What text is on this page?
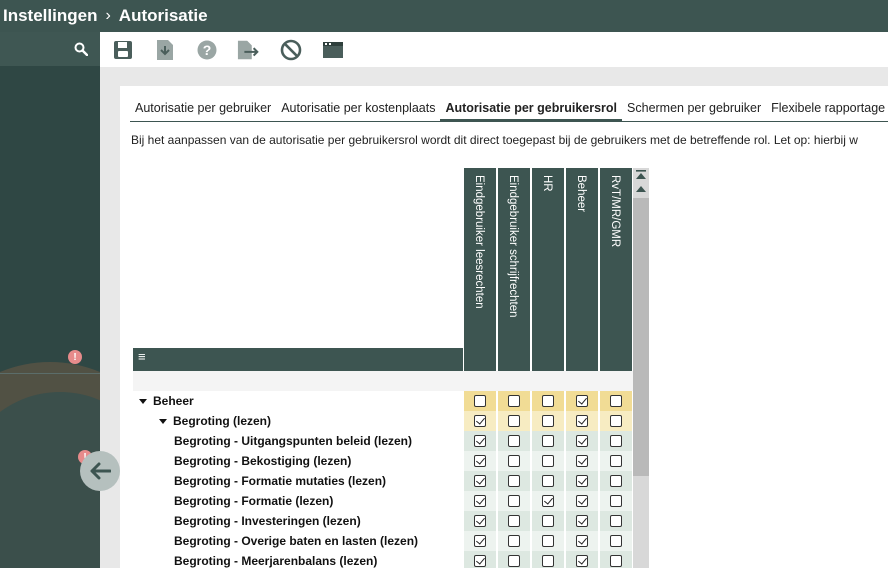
Instellingen › Autorisatie
!
?
Autorisatie per gebruiker Autorisatie per kostenplaats Autorisatie per gebruikersrol Schermen per gebruiker Flexibele rapportage
Bij het aanpassen van de autorisatie per gebruikersrol wordt dit direct toegepast bij de gebruikers met de betreffende rol. Let op: hierbij w
≡
Eindgebruiker leesrechten Eindgebruiker schrijfrechten HR Beheer RvT/MR/GMR
Beheer
Begroting (lezen)
Begroting - Uitgangspunten beleid (lezen)
Begroting - Bekostiging (lezen)
Begroting - Formatie mutaties (lezen)
Begroting - Formatie (lezen)
Begroting - Investeringen (lezen)
Begroting - Overige baten en lasten (lezen)
Begroting - Meerjarenbalans (lezen)
